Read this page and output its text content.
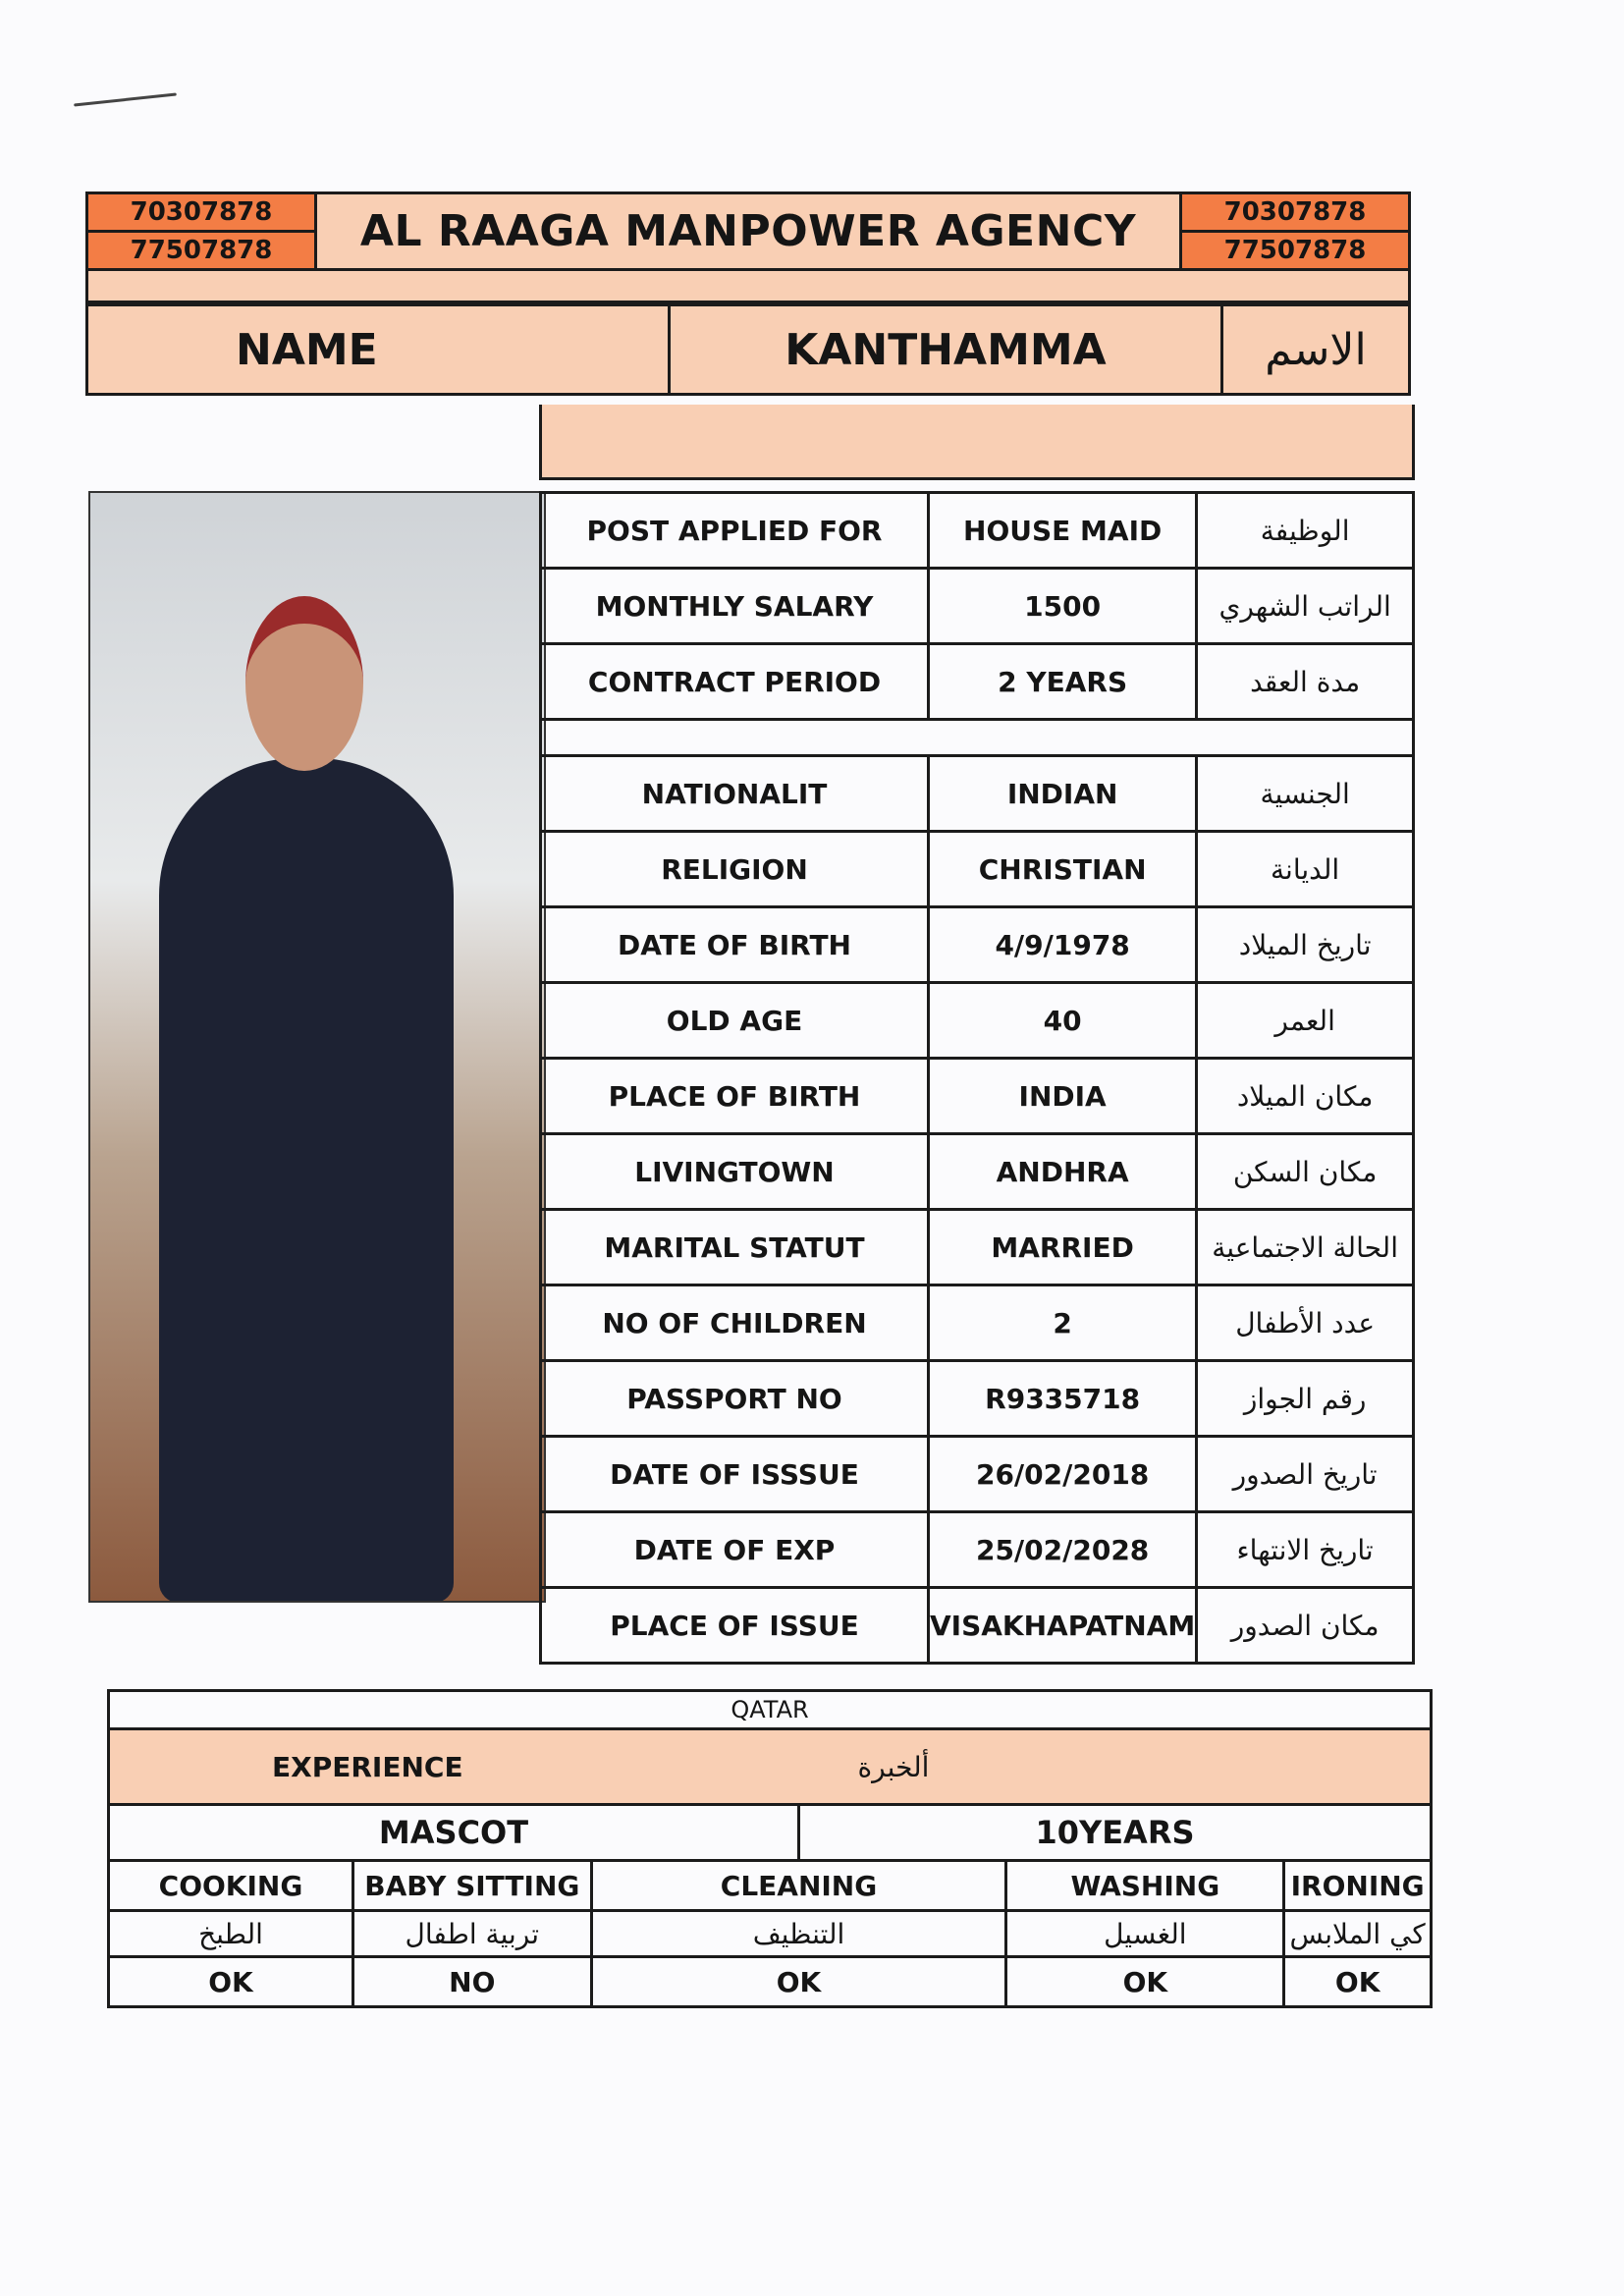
70307878	AL RAAGA MANPOWER AGENCY	70307878
77507878		77507878

NAME	KANTHAMMA	الاسم
POST APPLIED FOR	HOUSE MAID	الوظيفة
MONTHLY SALARY	1500	الراتب الشهري
CONTRACT PERIOD	2 YEARS	مدة العقد

NATIONALIT	INDIAN	الجنسية
RELIGION	CHRISTIAN	الديانة
DATE OF BIRTH	4/9/1978	تاريخ الميلاد
OLD AGE	40	العمر
PLACE OF BIRTH	INDIA	مكان الميلاد
LIVINGTOWN	ANDHRA	مكان السكن
MARITAL STATUT	MARRIED	الحالة الاجتماعية
NO OF CHILDREN	2	عدد الأطفال
PASSPORT NO	R9335718	رقم الجواز
DATE OF ISSSUE	26/02/2018	تاريخ الصدور
DATE OF EXP	25/02/2028	تاريخ الانتهاء
PLACE OF ISSUE	VISAKHAPATNAM	مكان الصدور
QATAR					
EXPERIENCE			ألخبرة		
MASCOT			10YEARS		
COOKING	BABY SITTING	CLEANING		WASHING	IRONING
الطبخ	تربية اطفال	التنظيف		الغسيل	كي الملابس
OK	NO	OK		OK	OK
